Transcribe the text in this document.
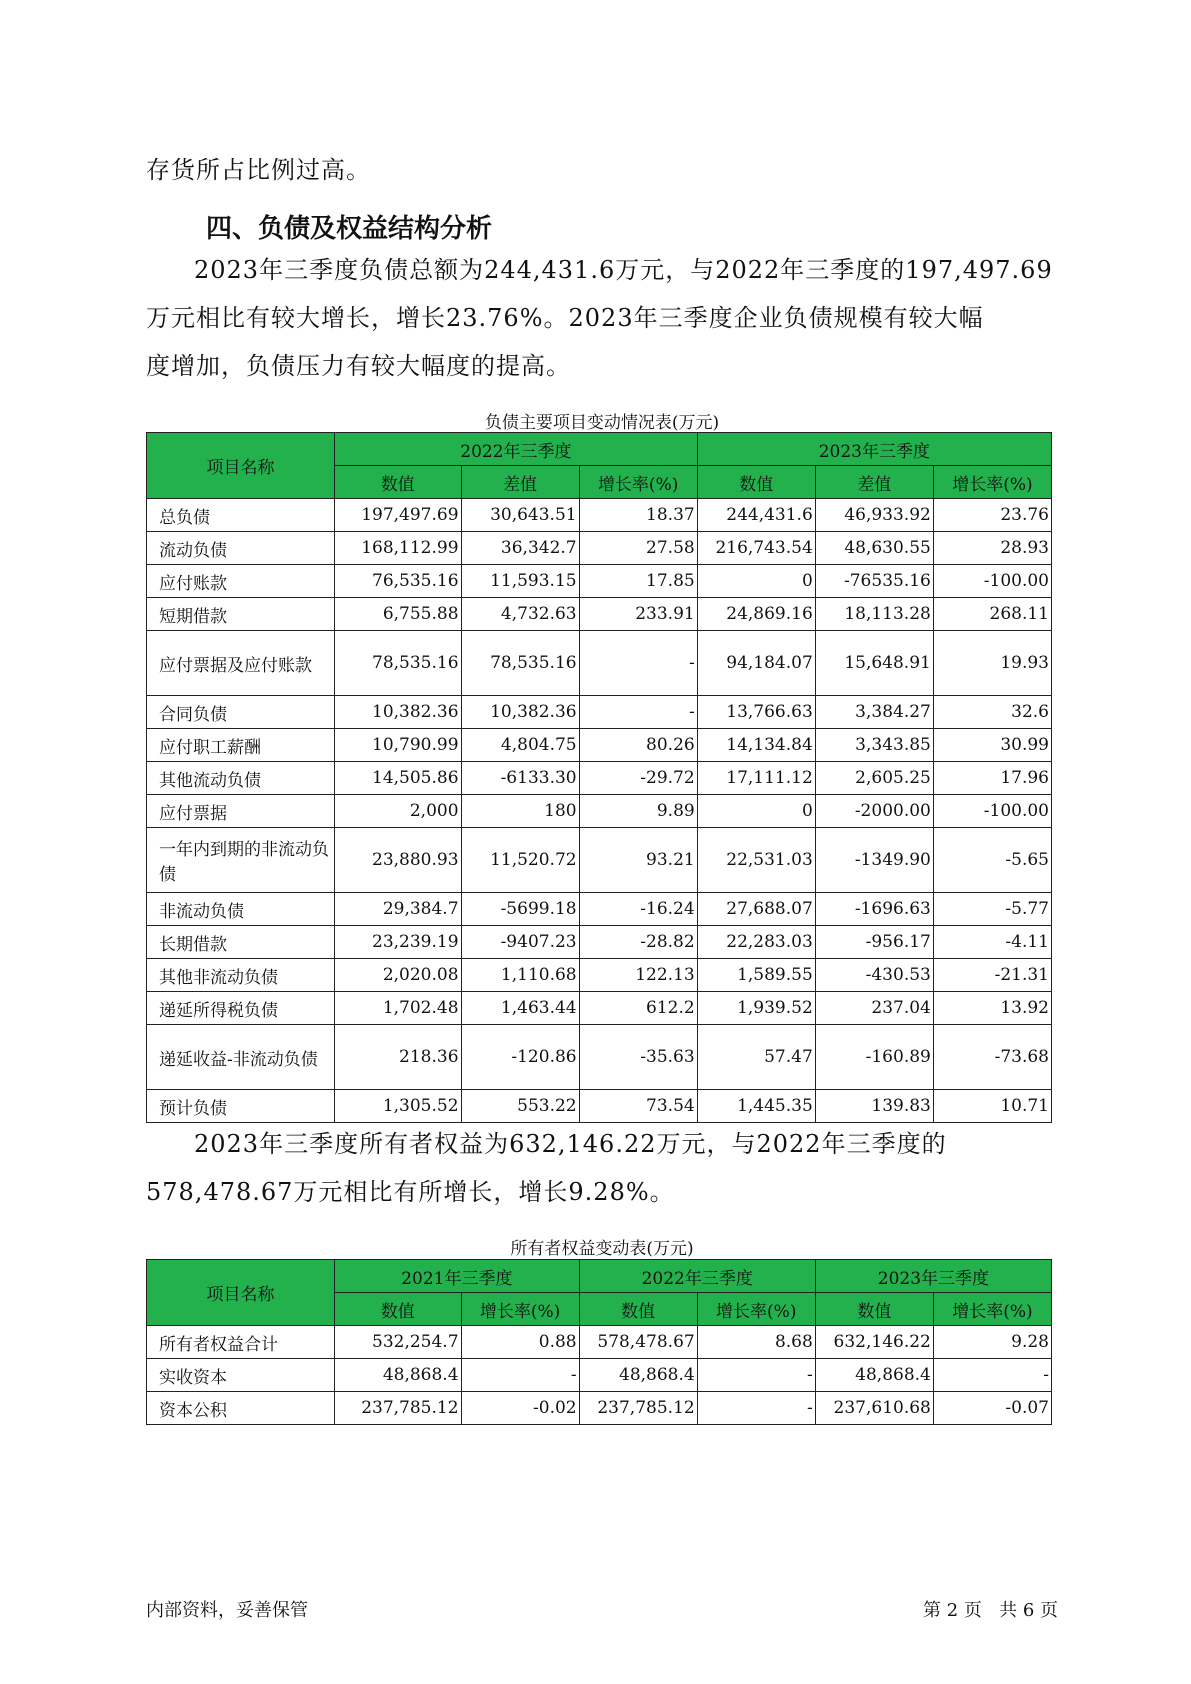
存货所占比例过高。
四、负债及权益结构分析
2023年三季度负债总额为244,431.6万元，与2022年三季度的197,497.69
万元相比有较大增长，增长23.76%。2023年三季度企业负债规模有较大幅
度增加，负债压力有较大幅度的提高。
负债主要项目变动情况表(万元)
项目名称	2022年三季度			2023年三季度		
	数值	差值	增长率(%)	数值	差值	增长率(%)
总负债	197,497.69	30,643.51	18.37	244,431.6	46,933.92	23.76
流动负债	168,112.99	36,342.7	27.58	216,743.54	48,630.55	28.93
应付账款	76,535.16	11,593.15	17.85	0	-76535.16	-100.00
短期借款	6,755.88	4,732.63	233.91	24,869.16	18,113.28	268.11
应付票据及应付账款	78,535.16	78,535.16	-	94,184.07	15,648.91	19.93
合同负债	10,382.36	10,382.36	-	13,766.63	3,384.27	32.6
应付职工薪酬	10,790.99	4,804.75	80.26	14,134.84	3,343.85	30.99
其他流动负债	14,505.86	-6133.30	-29.72	17,111.12	2,605.25	17.96
应付票据	2,000	180	9.89	0	-2000.00	-100.00
一年内到期的非流动负债	23,880.93	11,520.72	93.21	22,531.03	-1349.90	-5.65
非流动负债	29,384.7	-5699.18	-16.24	27,688.07	-1696.63	-5.77
长期借款	23,239.19	-9407.23	-28.82	22,283.03	-956.17	-4.11
其他非流动负债	2,020.08	1,110.68	122.13	1,589.55	-430.53	-21.31
递延所得税负债	1,702.48	1,463.44	612.2	1,939.52	237.04	13.92
递延收益-非流动负债	218.36	-120.86	-35.63	57.47	-160.89	-73.68
预计负债	1,305.52	553.22	73.54	1,445.35	139.83	10.71
2023年三季度所有者权益为632,146.22万元，与2022年三季度的
578,478.67万元相比有所增长，增长9.28%。
所有者权益变动表(万元)
项目名称	2021年三季度		2022年三季度		2023年三季度	
	数值	增长率(%)	数值	增长率(%)	数值	增长率(%)
所有者权益合计	532,254.7	0.88	578,478.67	8.68	632,146.22	9.28
实收资本	48,868.4	-	48,868.4	-	48,868.4	-
资本公积	237,785.12	-0.02	237,785.12	-	237,610.68	-0.07
内部资料，妥善保管	第 2 页   共 6 页
